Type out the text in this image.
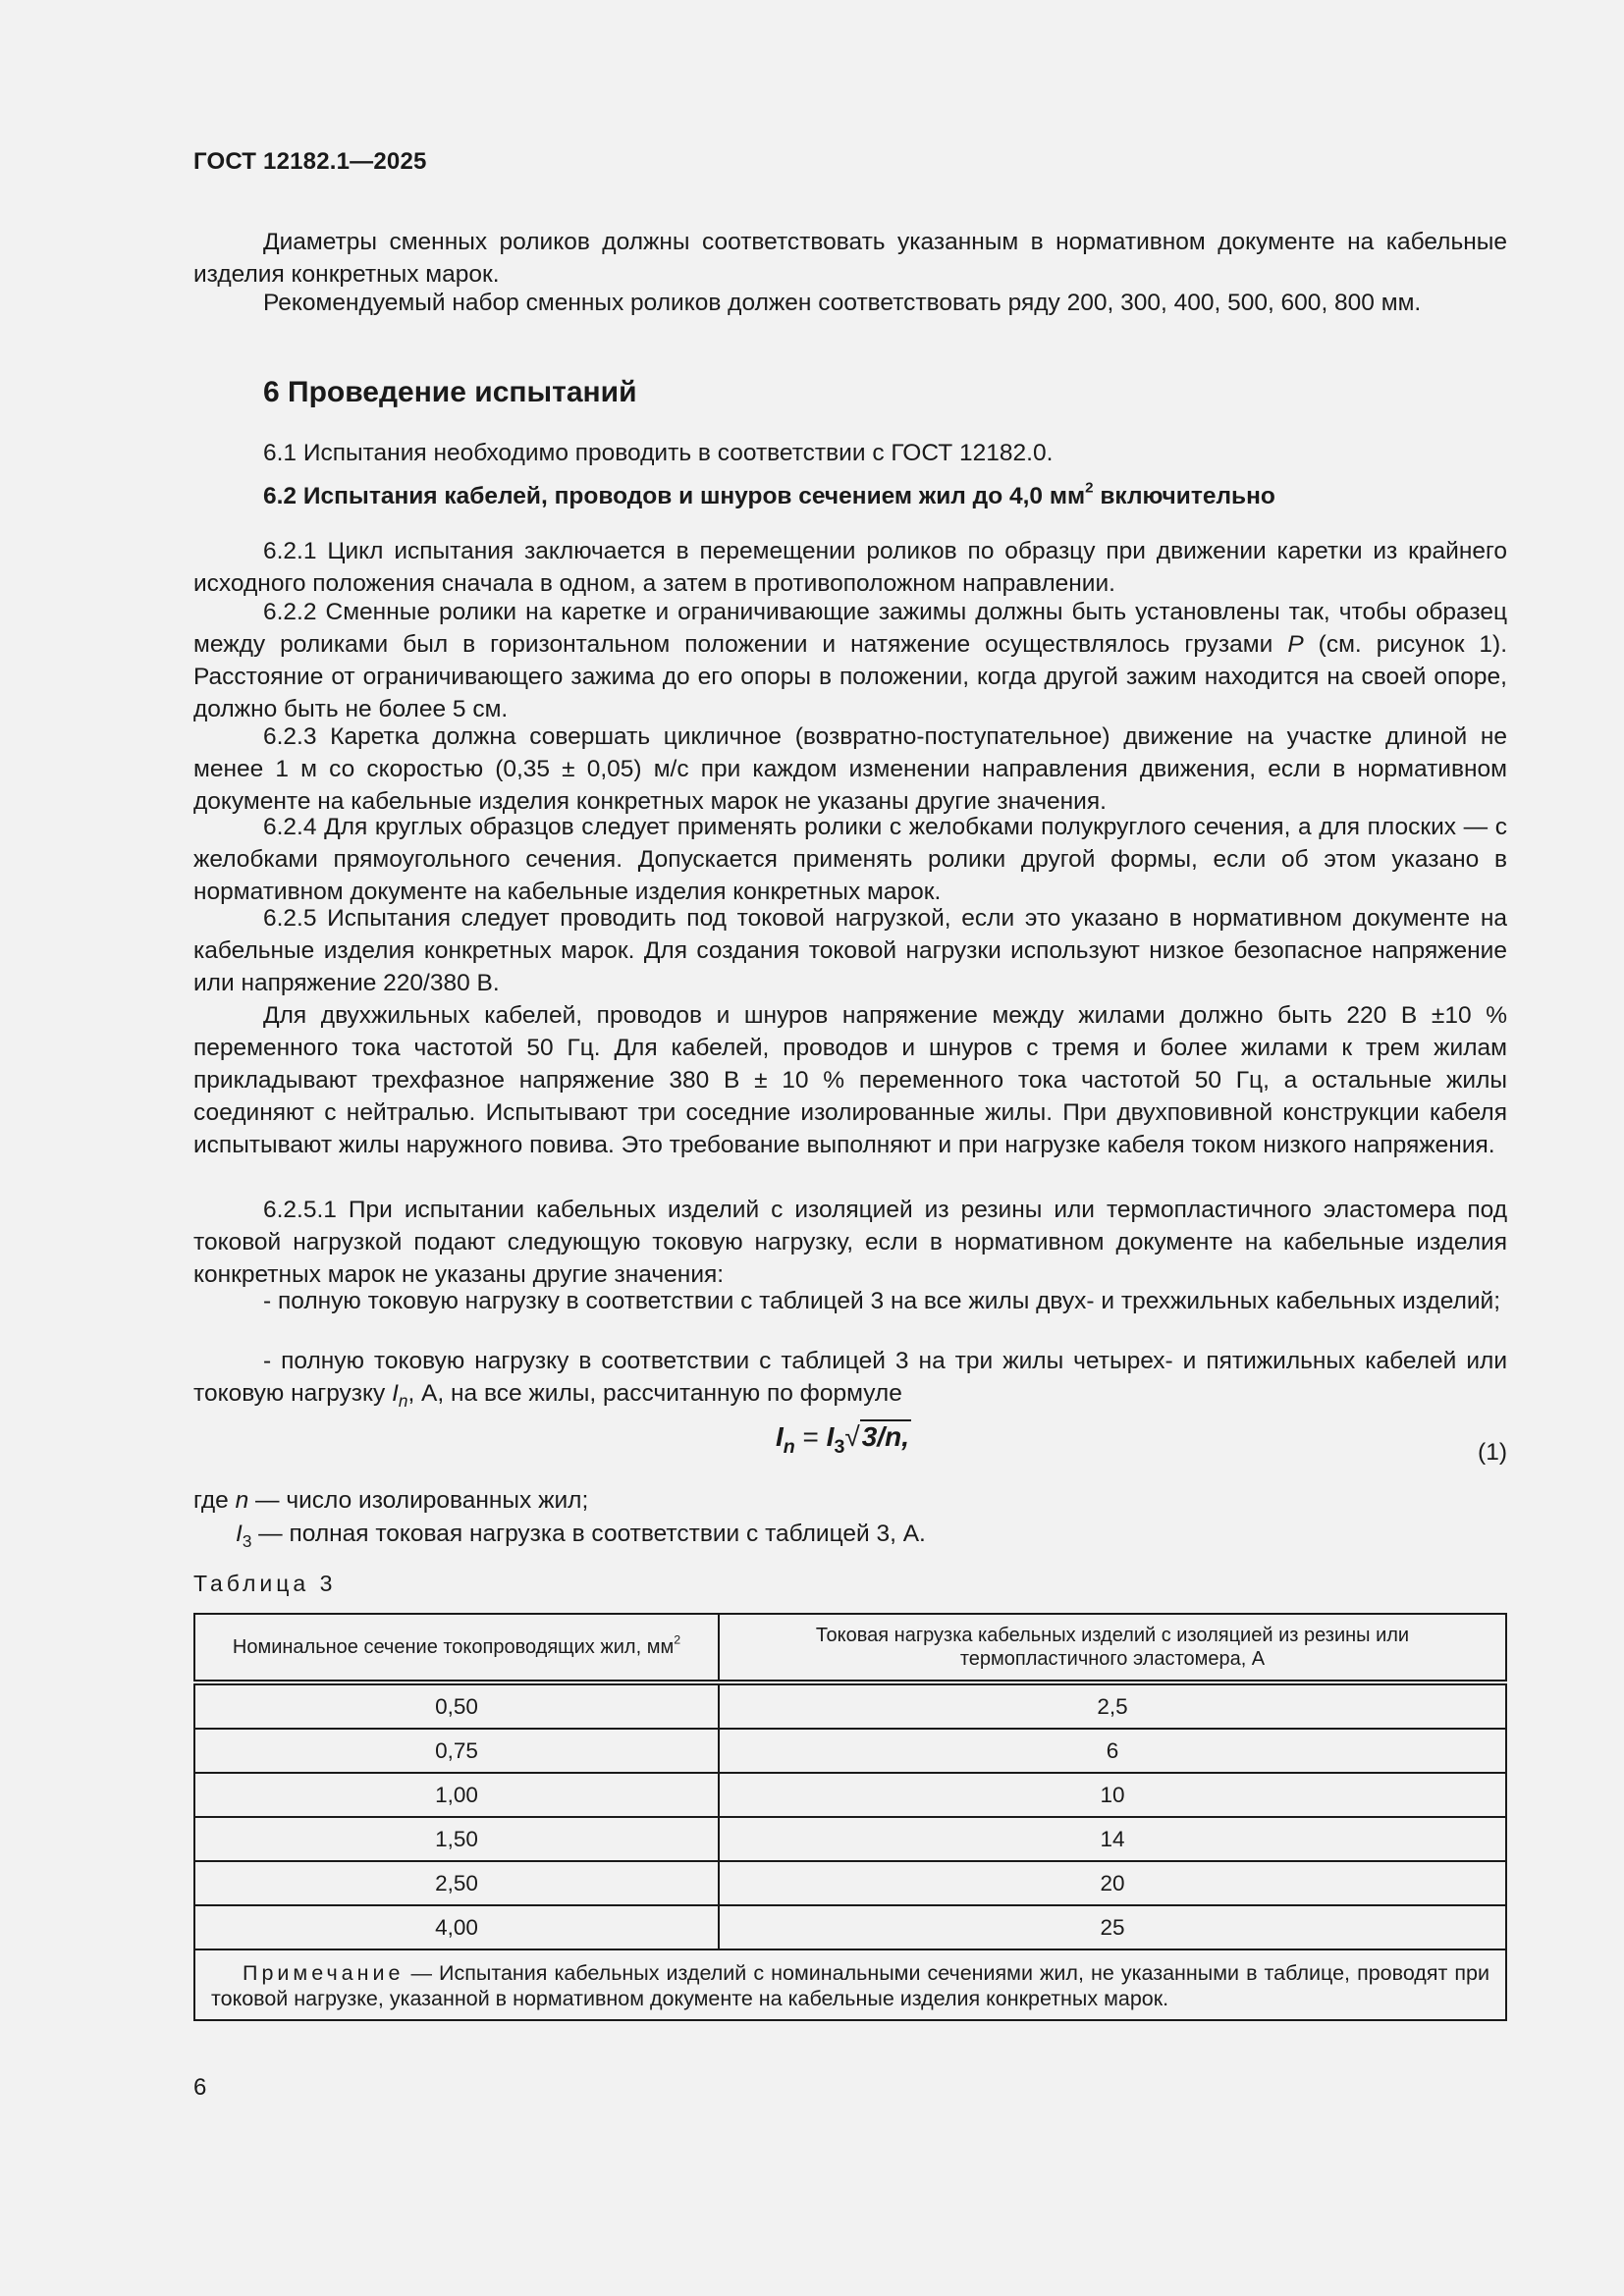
ГОСТ 12182.1—2025

Диаметры сменных роликов должны соответствовать указанным в нормативном документе на кабельные изделия конкретных марок.

Рекомендуемый набор сменных роликов должен соответствовать ряду 200, 300, 400, 500, 600, 800 мм.

6 Проведение испытаний

6.1 Испытания необходимо проводить в соответствии с ГОСТ 12182.0.

6.2 Испытания кабелей, проводов и шнуров сечением жил до 4,0 $мм^2$ включительно

6.2.1 Цикл испытания заключается в перемещении роликов по образцу при движении каретки из крайнего исходного положения сначала в одном, а затем в противоположном направлении.

6.2.2 Сменные ролики на каретке и ограничивающие зажимы должны быть установлены так, чтобы образец между роликами был в горизонтальном положении и натяжение осуществлялось грузами P (см. рисунок 1). Расстояние от ограничивающего зажима до его опоры в положении, когда другой зажим находится на своей опоре, должно быть не более 5 см.

6.2.3 Каретка должна совершать цикличное (возвратно-поступательное) движение на участке длиной не менее 1 м со скоростью (0,35 ± 0,05) м/с при каждом изменении направления движения, если в нормативном документе на кабельные изделия конкретных марок не указаны другие значения.

6.2.4 Для круглых образцов следует применять ролики с желобками полукруглого сечения, а для плоских — с желобками прямоугольного сечения. Допускается применять ролики другой формы, если об этом указано в нормативном документе на кабельные изделия конкретных марок.

6.2.5 Испытания следует проводить под токовой нагрузкой, если это указано в нормативном документе на кабельные изделия конкретных марок. Для создания токовой нагрузки используют низкое безопасное напряжение или напряжение 220/380 В.

Для двухжильных кабелей, проводов и шнуров напряжение между жилами должно быть 220 В ±10 % переменного тока частотой 50 Гц. Для кабелей, проводов и шнуров с тремя и более жилами к трем жилам прикладывают трехфазное напряжение 380 В ± 10 % переменного тока частотой 50 Гц, а остальные жилы соединяют с нейтралью. Испытывают три соседние изолированные жилы. При двухповивной конструкции кабеля испытывают жилы наружного повива. Это требование выполняют и при нагрузке кабеля током низкого напряжения.

6.2.5.1 При испытании кабельных изделий с изоляцией из резины или термопластичного эластомера под токовой нагрузкой подают следующую токовую нагрузку, если в нормативном документе на кабельные изделия конкретных марок не указаны другие значения:

- полную токовую нагрузку в соответствии с таблицей 3 на все жилы двух- и трехжильных кабельных изделий;

- полную токовую нагрузку в соответствии с таблицей 3 на три жилы четырех- и пятижильных кабелей или токовую нагрузку $I_n$, А, на все жилы, рассчитанную по формуле

$I_n = I_3√3/n$,
(1)
где n — число изолированных жил;
$I_3$ — полная токовая нагрузка в соответствии с таблицей 3, А.
Таблица 3
Номинальное сечение токопроводящих жил, $мм^2$	Токовая нагрузка кабельных изделий с изоляцией из резины или термопластичного эластомера, А
0,50	2,5
0,75	6
1,00	10
1,50	14
2,50	20
4,00	25
Примечание — Испытания кабельных изделий с номинальными сечениями жил, не указанными в таблице, проводят при токовой нагрузке, указанной в нормативном документе на кабельные изделия конкретных марок.	
6
